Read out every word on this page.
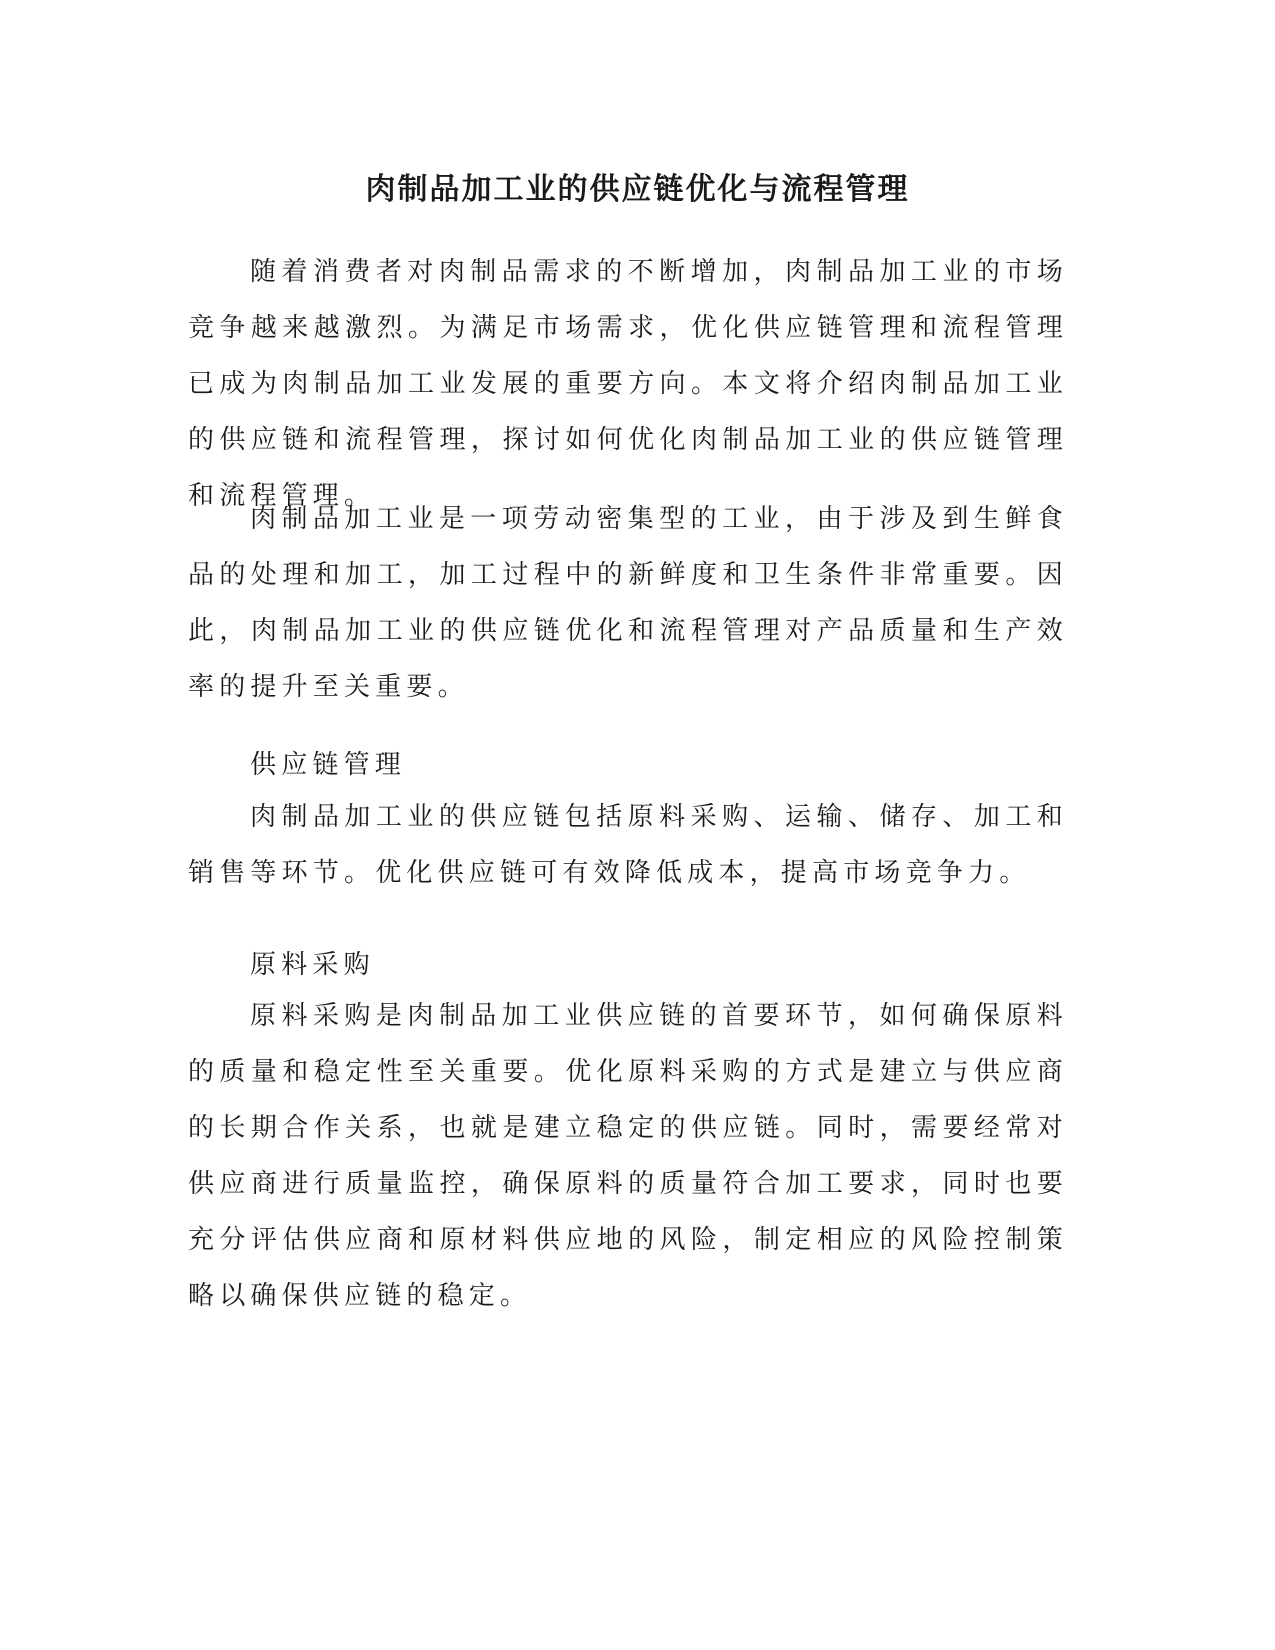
肉制品加工业的供应链优化与流程管理

随着消费者对肉制品需求的不断增加，肉制品加工业的市场竞争越来越激烈。为满足市场需求，优化供应链管理和流程管理已成为肉制品加工业发展的重要方向。本文将介绍肉制品加工业的供应链和流程管理，探讨如何优化肉制品加工业的供应链管理和流程管理。

肉制品加工业是一项劳动密集型的工业，由于涉及到生鲜食品的处理和加工，加工过程中的新鲜度和卫生条件非常重要。因此，肉制品加工业的供应链优化和流程管理对产品质量和生产效率的提升至关重要。

供应链管理

肉制品加工业的供应链包括原料采购、运输、储存、加工和销售等环节。优化供应链可有效降低成本，提高市场竞争力。

原料采购

原料采购是肉制品加工业供应链的首要环节，如何确保原料的质量和稳定性至关重要。优化原料采购的方式是建立与供应商的长期合作关系，也就是建立稳定的供应链。同时，需要经常对供应商进行质量监控，确保原料的质量符合加工要求，同时也要充分评估供应商和原材料供应地的风险，制定相应的风险控制策略以确保供应链的稳定。
